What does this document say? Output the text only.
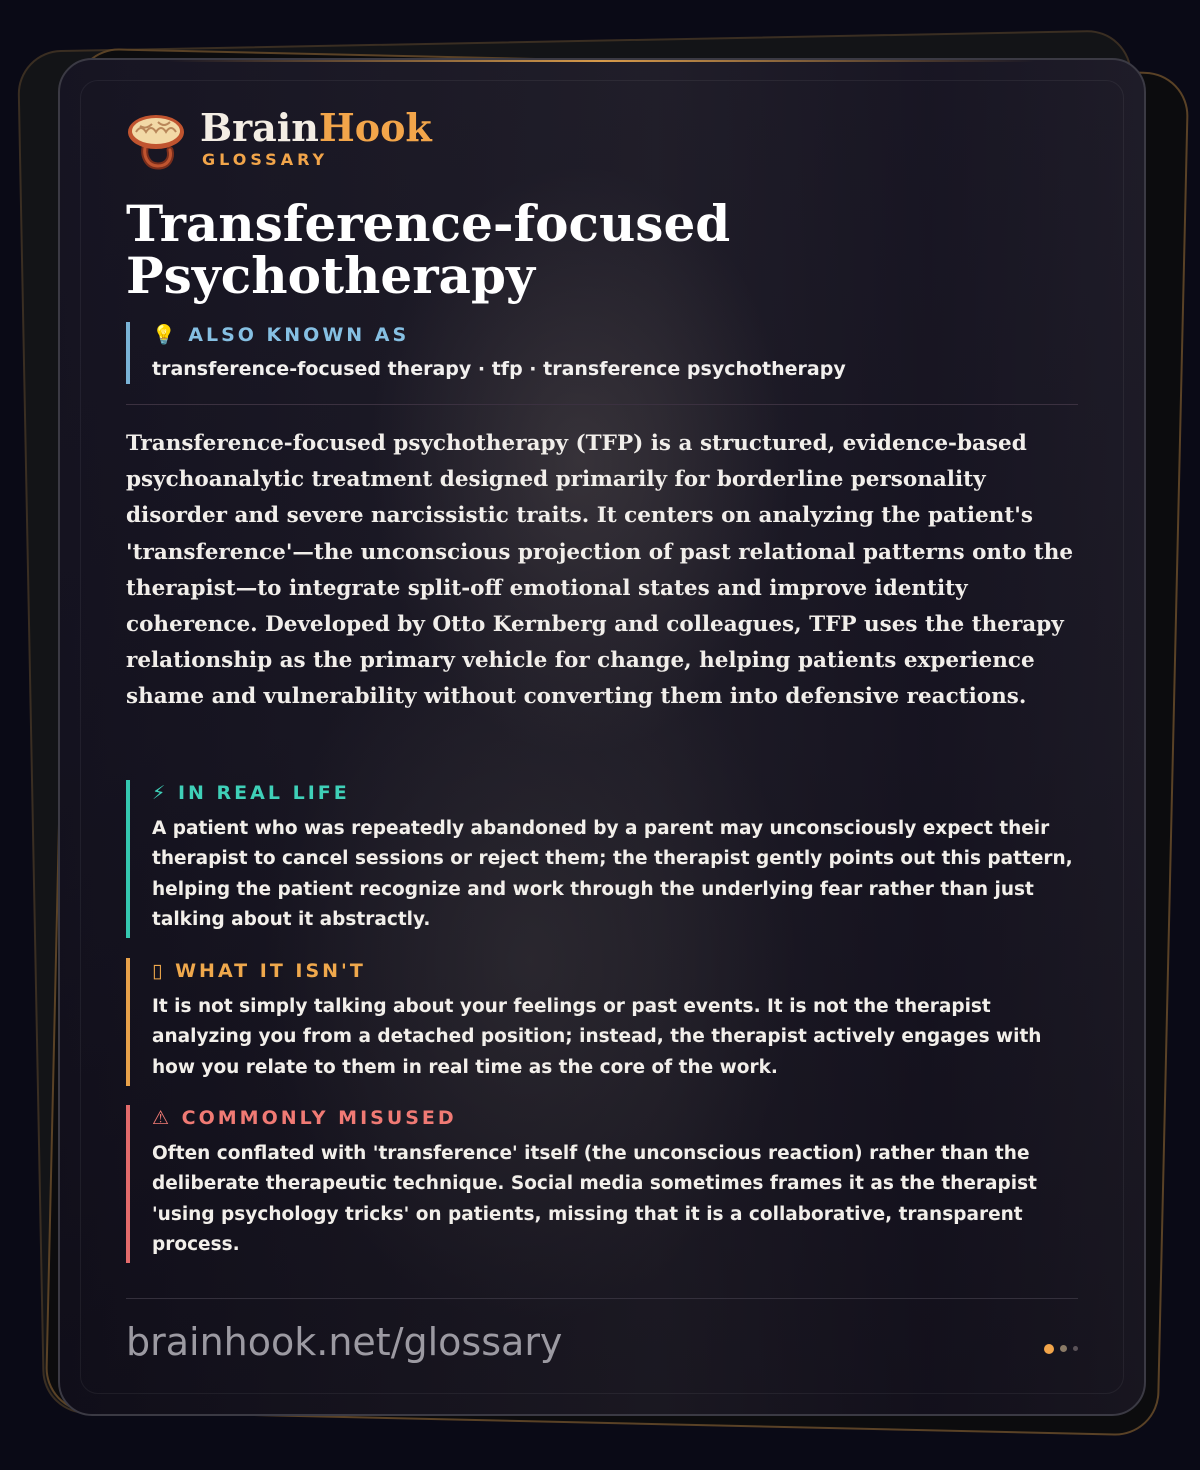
BrainHook
GLOSSARY
Transference-focused Psychotherapy
💡 ALSO KNOWN AS
transference-focused therapy · tfp · transference psychotherapy

Transference-focused psychotherapy (TFP) is a structured, evidence-based psychoanalytic treatment designed primarily for borderline personality disorder and severe narcissistic traits. It centers on analyzing the patient's 'transference'—the unconscious projection of past relational patterns onto the therapist—to integrate split-off emotional states and improve identity coherence. Developed by Otto Kernberg and colleagues, TFP uses the therapy relationship as the primary vehicle for change, helping patients experience shame and vulnerability without converting them into defensive reactions.

⚡ IN REAL LIFE
A patient who was repeatedly abandoned by a parent may unconsciously expect their therapist to cancel sessions or reject them; the therapist gently points out this pattern, helping the patient recognize and work through the underlying fear rather than just talking about it abstractly.
▯ WHAT IT ISN'T
It is not simply talking about your feelings or past events. It is not the therapist analyzing you from a detached position; instead, the therapist actively engages with how you relate to them in real time as the core of the work.
⚠ COMMONLY MISUSED
Often conflated with 'transference' itself (the unconscious reaction) rather than the deliberate therapeutic technique. Social media sometimes frames it as the therapist 'using psychology tricks' on patients, missing that it is a collaborative, transparent process.
brainhook.net/glossary
